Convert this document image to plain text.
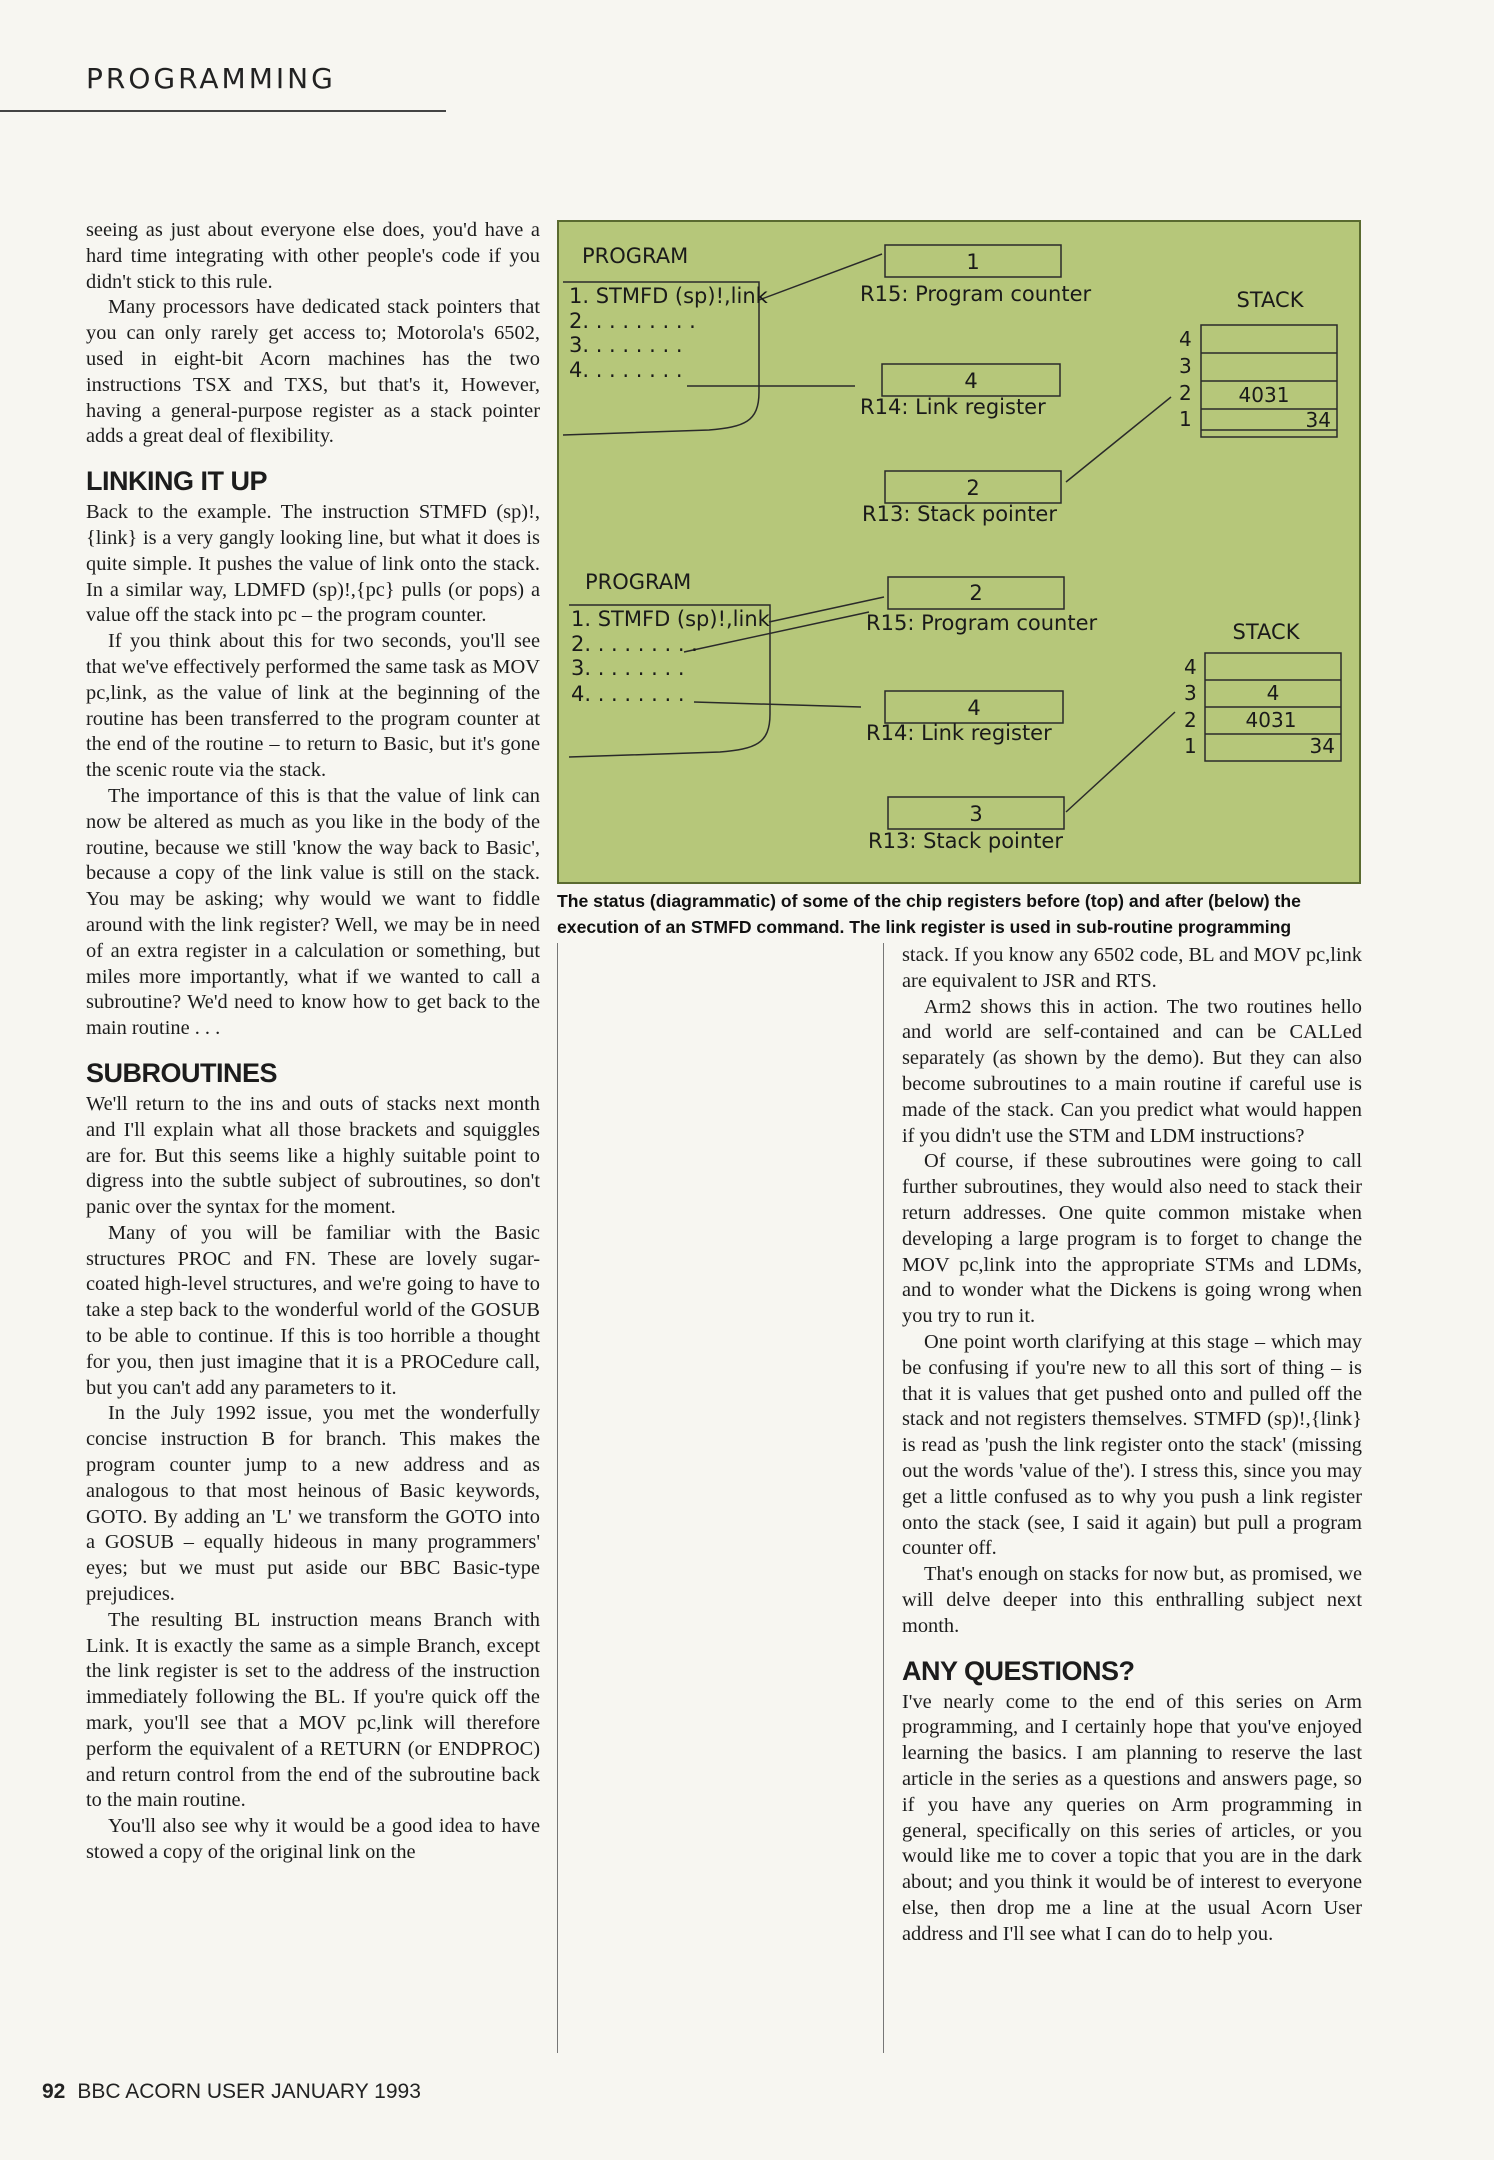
PROGRAMMING

seeing as just about everyone else does, you'd have a hard time integrating with other people's code if you didn't stick to this rule.

Many processors have dedicated stack pointers that you can only rarely get access to; Motorola's 6502, used in eight-bit Acorn machines has the two instructions TSX and TXS, but that's it, However, having a general-purpose register as a stack pointer adds a great deal of flexibility.

LINKING IT UP

Back to the example. The instruction STMFD (sp)!,{link} is a very gangly looking line, but what it does is quite simple. It pushes the value of link onto the stack. In a similar way, LDMFD (sp)!,{pc} pulls (or pops) a value off the stack into pc – the program counter.

If you think about this for two seconds, you'll see that we've effectively performed the same task as MOV pc,link, as the value of link at the beginning of the routine has been transferred to the program counter at the end of the routine – to return to Basic, but it's gone the scenic route via the stack.

The importance of this is that the value of link can now be altered as much as you like in the body of the routine, because we still 'know the way back to Basic', because a copy of the link value is still on the stack. You may be asking; why would we want to fiddle around with the link register? Well, we may be in need of an extra register in a calculation or something, but miles more importantly, what if we wanted to call a subroutine? We'd need to know how to get back to the main routine . . .

SUBROUTINES

We'll return to the ins and outs of stacks next month and I'll explain what all those brackets and squiggles are for. But this seems like a highly suitable point to digress into the subtle subject of subroutines, so don't panic over the syntax for the moment.

Many of you will be familiar with the Basic structures PROC and FN. These are lovely sugar-coated high-level structures, and we're going to have to take a step back to the wonderful world of the GOSUB to be able to continue. If this is too horrible a thought for you, then just imagine that it is a PROCedure call, but you can't add any parameters to it.

In the July 1992 issue, you met the wonderfully concise instruction B for branch. This makes the program counter jump to a new address and as analogous to that most heinous of Basic keywords, GOTO. By adding an 'L' we transform the GOTO into a GOSUB – equally hideous in many programmers' eyes; but we must put aside our BBC Basic-type prejudices.

The resulting BL instruction means Branch with Link. It is exactly the same as a simple Branch, except the link register is set to the address of the instruction immediately following the BL. If you're quick off the mark, you'll see that a MOV pc,link will therefore perform the equivalent of a RETURN (or ENDPROC) and return control from the end of the subroutine back to the main routine.

You'll also see why it would be a good idea to have stowed a copy of the original link on the

stack. If you know any 6502 code, BL and MOV pc,link are equivalent to JSR and RTS.

Arm2 shows this in action. The two routines hello and world are self-contained and can be CALLed separately (as shown by the demo). But they can also become subroutines to a main routine if careful use is made of the stack. Can you predict what would happen if you didn't use the STM and LDM instructions?

Of course, if these subroutines were going to call further subroutines, they would also need to stack their return addresses. One quite common mistake when developing a large program is to forget to change the MOV pc,link into the appropriate STMs and LDMs, and to wonder what the Dickens is going wrong when you try to run it.

One point worth clarifying at this stage – which may be confusing if you're new to all this sort of thing – is that it is values that get pushed onto and pulled off the stack and not registers themselves. STMFD (sp)!,{link} is read as 'push the link register onto the stack' (missing out the words 'value of the'). I stress this, since you may get a little confused as to why you push a link register onto the stack (see, I said it again) but pull a program counter off.

That's enough on stacks for now but, as promised, we will delve deeper into this enthralling subject next month.

ANY QUESTIONS?

I've nearly come to the end of this series on Arm programming, and I certainly hope that you've enjoyed learning the basics. I am planning to reserve the last article in the series as a questions and answers page, so if you have any queries on Arm programming in general, specifically on this series of articles, or you would like me to cover a topic that you are in the dark about; and you think it would be of interest to everyone else, then drop me a line at the usual Acorn User address and I'll see what I can do to help you.

PROGRAM
1. STMFD (sp)!,link
2. . . . . . . . .
3. . . . . . . .
4. . . . . . . .
1
R15: Program counter
4
R14: Link register
2
R13: Stack pointer
STACK
4
3
2
1
4031
34
PROGRAM
1. STMFD (sp)!,link
2. . . . . . . . .
3. . . . . . . .
4. . . . . . . .
2
R15: Program counter
4
R14: Link register
3
R13: Stack pointer
STACK
4
3
2
1
4
4031
34
The status (diagrammatic) of some of the chip registers before (top) and after (below) the execution of an STMFD command. The link register is used in sub-routine programming
92 BBC ACORN USER JANUARY 1993
